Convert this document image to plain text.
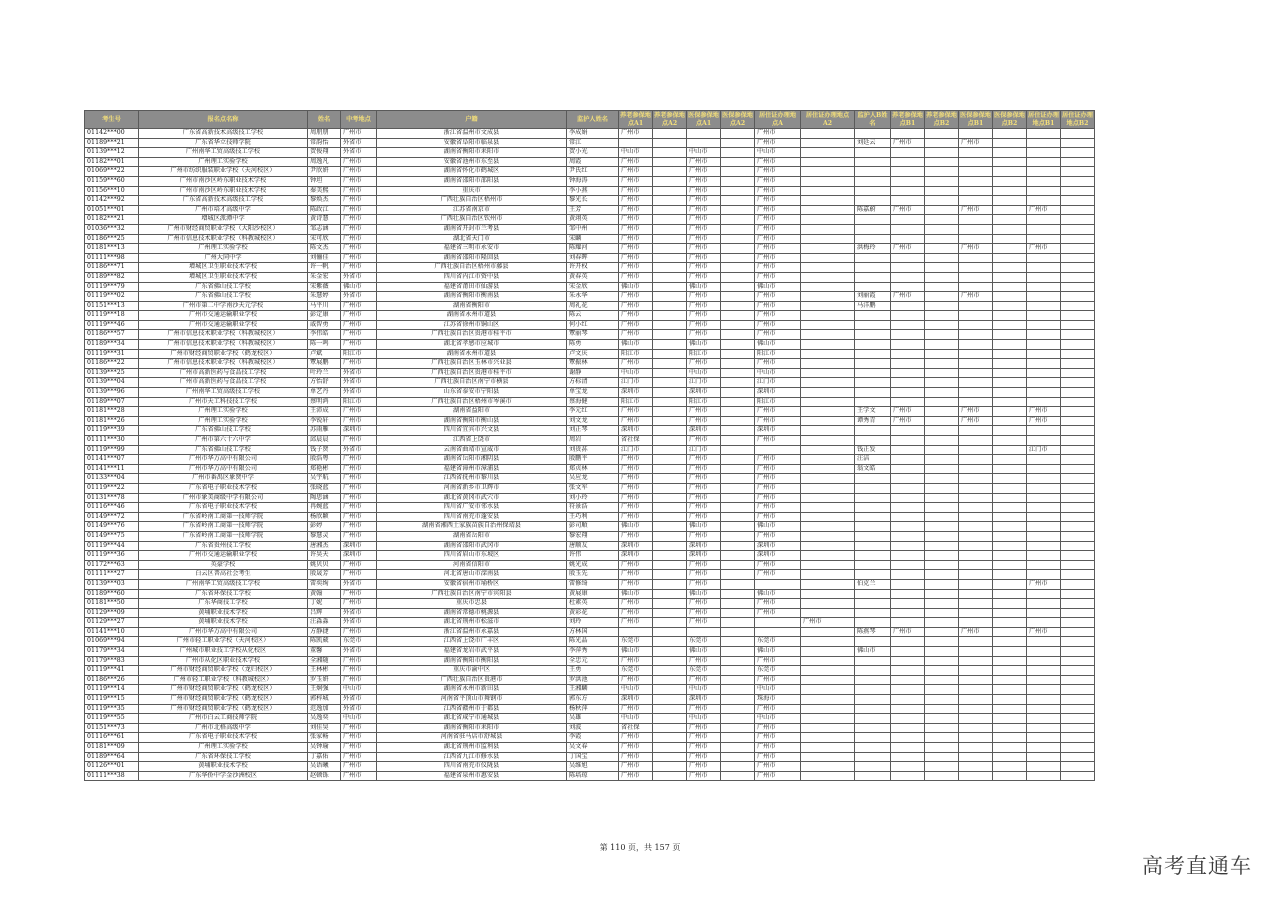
考生号	报名点名称	姓名	中考地点	户籍	监护人姓名	养老参保地点A1	养老参保地点A2	医保参保地点A1	医保参保地点A2	居住证办理地点A	居住证办理地点A2	监护人B姓名	养老参保地点B1	养老参保地点B2	医保参保地点B1	医保参保地点B2	居住证办理地点B1	居住证办理地点B2
01142***00	广东省高新技术高级技工学校	周朋朋	广州市	浙江省温州市文成县	李成娟	广州市				广州市								
01189***21	广东省华立技师学院	常韵怡	外省市	安徽省阜阳市临泉县	常江					广州市		刘廷云	广州市		广州市			
01139***12	广州南华工贸高级技工学校	贺俊翔	外省市	湖南省衡阳市耒阳市	贺小光	中山市		中山市		中山市								
01182***01	广州理工实验学校	周逸凡	广州市	安徽省池州市东至县	周霞	广州市		广州市		广州市								
01069***22	广州市纺织服装职业学校（天河校区）	尹欣妍	广州市	湖南省怀化市鹤城区	尹氏红	广州市		广州市		广州市								
01159***60	广州市南沙区岭东职业技术学校	钟坦	广州市	湖南省邵阳市邵阳县	钟海涛	广州市		广州市		广州市								
01156***10	广州市南沙区岭东职业技术学校	秦美熙	广州市	重庆市	李小燕	广州市		广州市		广州市								
01142***92	广东省高新技术高级技工学校	黎焕杰	广州市	广西壮族自治区梧州市	黎光长	广州市		广州市		广州市								
01051***01	广州市培才高级中学	陈政江	广州市	江苏省南京市	王芳	广州市		广州市		广州市		陈嘉蔚	广州市		广州市		广州市	
01182***21	增城区派潭中学	黄诗慧	广州市	广西壮族自治区钦州市	黄翊英	广州市		广州市		广州市								
01036***32	广州市财经商贸职业学校（大阳沙校区）	邹志涵	广州市	湖南省开封市兰考县	邹中州	广州市		广州市		广州市								
01186***25	广州市信息技术职业学校（科教城校区）	宋可欣	广州市	湖北省天门市	宋麟	广州市		广州市		广州市								
01181***13	广州理工实验学校	陈文杰	广州市	福建省三明市永安市	陈耀河	广州市		广州市		广州市		洪梅玲	广州市		广州市		广州市	
01111***98	广州大同中学	刘俪佳	广州市	湖南省邵阳市隆回县	刘春晖	广州市		广州市		广州市								
01186***71	增城区卫生职业技术学校	许一帆	广州市	广西壮族自治区梧州市藤县	许开权	广州市		广州市		广州市								
01189***82	增城区卫生职业技术学校	朱金宏	外省市	四川省内江市资中县	黄春英	广州市		广州市		广州市								
01119***79	广东省佛山技工学校	宋紫薇	佛山市	福建省莆田市仙游县	宋金欣	佛山市		佛山市		佛山市								
01119***02	广东省佛山技工学校	朱慧婷	外省市	湖南省衡阳市衡南县	朱永华	广州市		广州市		广州市		刘丽霞	广州市		广州市			
01151***13	广州市第二中学南沙天元学校	马平川	广州市	湖南省衡阳市	周礼花	广州市		广州市		广州市		马洋鹏						
01119***18	广州市交通运输职业学校	彭定康	广州市	湖南省永州市道县	陈云	广州市		广州市		广州市								
01119***46	广州市交通运输职业学校	戚智勇	广州市	江苏省徐州市铜山区	何小红	广州市		广州市		广州市								
01186***57	广州市信息技术职业学校（科教城校区）	李伟皓	广州市	广西壮族自治区贵港市桂平市	覃丽琴	广州市		广州市		广州市								
01189***34	广州市信息技术职业学校（科教城校区）	陈一鸣	广州市	湖北省孝感市应城市	陈勇	佛山市		佛山市		佛山市								
01119***31	广州市财经商贸职业学校（鹤龙校区）	卢斌	阳江市	湖南省永州市道县	卢文庆	阳江市		阳江市		阳江市								
01186***22	广州市信息技术职业学校（科教城校区）	覃展鹏	广州市	广西壮族自治区玉林市兴业县	覃振林	广州市		广州市		广州市								
01139***25	广州市高新医药与食品技工学校	叶玲兰	外省市	广西壮族自治区贵港市桂平市	谢静	中山市		中山市		中山市								
01139***04	广州市高新医药与食品技工学校	方怡舒	外省市	广西壮族自治区南宁市横县	方标清	江门市		江门市		江门市								
01139***96	广州南华工贸高级技工学校	单艺丹	外省市	山东省泰安市宁阳县	单宝龙	深圳市		深圳市		深圳市								
01189***07	广州市天工科技技工学校	蔡明鸿	阳江市	广西壮族自治区梧州市岑溪市	蔡海健	阳江市		阳江市		阳江市								
01181***28	广州理工实验学校	王沛成	广州市	湖南省益阳市	李元红	广州市		广州市		广州市		王学文	广州市		广州市		广州市	
01181***26	广州理工实验学校	李锐轩	广州市	湖南省衡阳市衡山县	刘文龙	广州市		广州市		广州市		谭秀青	广州市		广州市		广州市	
01119***39	广东省佛山技工学校	苏雨雁	深圳市	四川省宜宾市兴文县	刘正琴	深圳市		深圳市		深圳市								
01111***30	广州市第六十六中学	邱晨晨	广州市	江西省上饶市	周岩	省社保		广州市		广州市								
01119***99	广东省佛山技工学校	钱子贤	外省市	云南省曲靖市宣威市	刘贵荪	江门市		江门市				钱正发					江门市	
01141***07	广州市华万高中有限公司	殷浩粤	广州市	湖南省岳阳市湘阴县	殷鹏平	广州市		广州市		广州市		汪洁						
01141***11	广州市华万高中有限公司	郑艳彬	广州市	福建省漳州市漳浦县	郑贞林	广州市		广州市		广州市		翁文皓						
01133***04	广州市番禺区象贤中学	吴宇航	广州市	江西省抚州市黎川县	吴应龙	广州市		广州市		广州市								
01119***22	广东省电子职业技术学校	张晓蓝	广州市	河南省新乡市卫辉市	张文军	广州市		广州市		广州市								
01131***78	广州市象美商级中学有限公司	陶思涵	广州市	湖北省黄冈市武穴市	刘小玲	广州市		广州市		广州市								
01116***46	广东省电子职业技术学校	冉婉蓝	广州市	四川省广安市邻水县	符景浩	广州市		广州市		广州市								
01149***72	广东省岭南工商第一技师学院	杨欣颖	广州市	四川省南充市蓬安县	王巧利	广州市		广州市		广州市								
01149***76	广东省岭南工商第一技师学院	彭婷	广州市	湖南省湘西土家族苗族自治州保靖县	彭司順	佛山市		佛山市		佛山市								
01149***75	广东省岭南工商第一技师学院	黎慧灵	广州市	湖南省岳阳市	黎宏翔	广州市		广州市		广州市								
01119***44	广东省贵州技工学校	唐湘杰	深圳市	湖南省邵阳市武冈市	唐顺友	深圳市		深圳市		深圳市								
01119***36	广州市交通运输职业学校	许昊天	深圳市	四川省眉山市东坡区	许伟	深圳市		深圳市		深圳市								
01172***63	英豪学校	姚贝贝	广州市	河南省信阳市	姚光成	广州市		广州市		广州市								
01111***27	白云区普高社会考生	殷晟芳	广州市	河北省唐山市滦南县	殷玉先	广州市		广州市		广州市								
01139***03	广州南华工贸高级技工学校	雷奕绚	外省市	安徽省宿州市埇桥区	雷修绮	广州市		广州市				伯克兰					广州市	
01189***60	广东省环保技工学校	黄翰	广州市	广西壮族自治区南宁市宾阳县	黄展康	佛山市		佛山市		佛山市								
01181***50	广东华商技工学校	丁妮	广州市	重庆市忠县	杜素英	广州市		广州市		广州市								
01129***09	黄埔职业技术学校	吕辉	外省市	湖南省常德市桃源县	黄彩花	广州市		广州市		广州市								
01129***27	黄埔职业技术学校	汪淼淼	外省市	湖北省荆州市松滋市	刘玲	广州市		广州市			广州市							
01141***10	广州市华万高中有限公司	方静捷	广州市	浙江省温州市永嘉县	方林国							陈燕琴	广州市		广州市		广州市	
01069***94	广州市轻工职业学校（天河校区）	陈凯葳	东莞市	江西省上饶市广丰区	陈光晶	东莞市		东莞市		东莞市								
01179***34	广州城市职业技工学校从化校区	董馨	外省市	福建省龙岩市武平县	李萍秀	佛山市		佛山市		佛山市		佛山市						
01179***83	广州市从化区职业技术学校	全湘随	广州市	湖南省衡阳市衡阳县	全忠元	广州市		广州市		广州市								
01119***41	广州市财经商贸职业学校（龙归校区）	王林彬	广州市	重庆市渝中区	王勇	东莞市		东莞市		东莞市								
01186***26	广州市轻工职业学校（科教城校区）	罗玉妍	广州市	广西壮族自治区贵港市	罗洪池	广州市		广州市		广州市								
01119***14	广州市财经商贸职业学校（鹤龙校区）	王炯强	中山市	湖南省永州市新田县	王湘麟	中山市		中山市		中山市								
01119***15	广州市财经商贸职业学校（鹤龙校区）	郭梓城	外省市	河南省平顶山市舞钢市	郭东方	深圳市		深圳市		珠海市								
01119***35	广州市财经商贸职业学校（鹤龙校区）	范逸加	外省市	江西省赣州市于都县	杨秋萍	广州市		广州市		广州市								
01119***55	广州市白云工商技师学院	吴逸奕	中山市	湖北省咸宁市通城县	吴雄	中山市		中山市		中山市								
01151***73	广州市北格高级中学	刘佳昊	广州市	湖南省衡阳市耒阳市	刘波	省社保		广州市		广州市								
01116***61	广东省电子职业技术学校	张家畅	广州市	河南省驻马店市舒城县	李霞	广州市		广州市		广州市								
01181***09	广州理工实验学校	吴钟瑜	广州市	湖北省荆州市监利县	吴文春	广州市		广州市		广州市								
01189***64	广东省环保技工学校	丁嘉佑	广州市	江西省九江市修水县	丁国宝	广州市		广州市		广州市								
01126***01	黄埔职业技术学校	吴语曦	广州市	四川省南充市仪陇县	吴维旭	广州市		广州市		广州市								
01111***38	广东华侨中学金沙洲校区	赵顿铄	广州市	福建省泉州市惠安县	陈培琼	广州市		广州市		广州市								
第 110 页，共 157 页
高考直通车
